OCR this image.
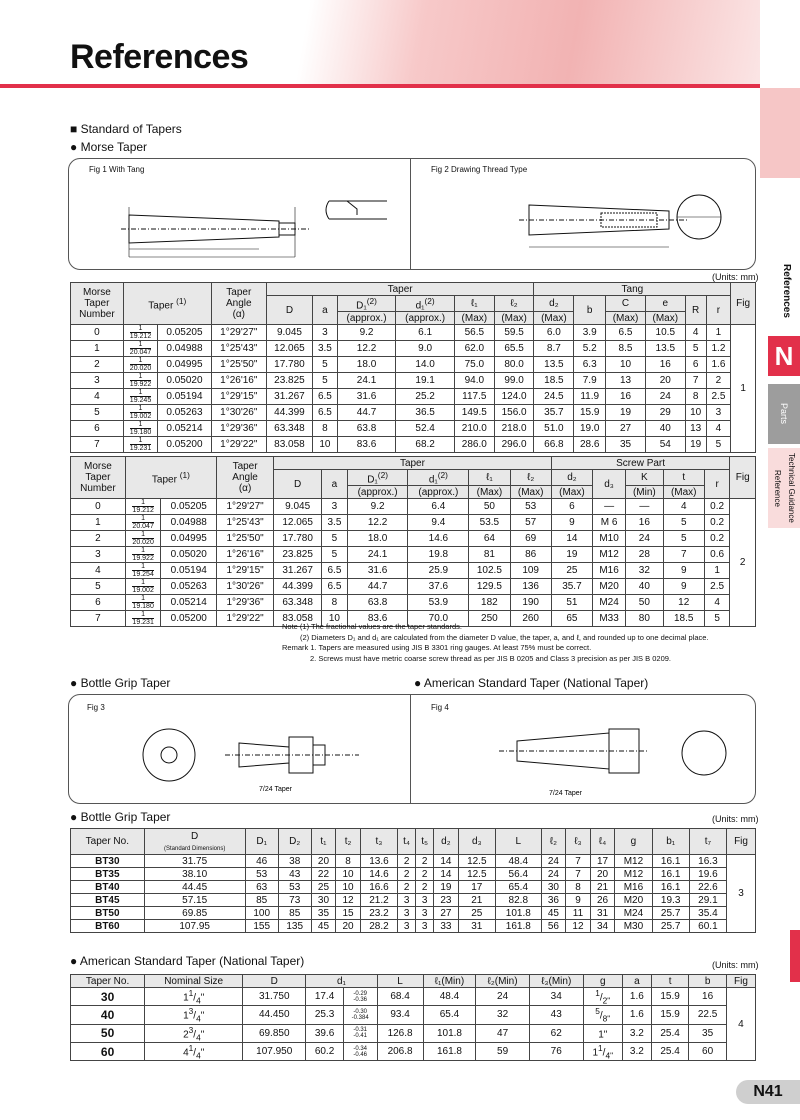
References
References
N
Parts
Technical Guidance Reference
■ Standard of Tapers
● Morse Taper
Fig 1 With Tang	Fig 2 Drawing Thread Type
(Units: mm)
Morse
Taper
Number	Taper $^{(1)}$		Taper
Angle
(α)	Taper						Tang						Fig
				D	a	D₁$^{(2)}$	d₁$^{(2)}$	ℓ₁	ℓ₂	d₂	b	C	e	R	r	
						(approx.)	(approx.)	(Max)	(Max)	(Max)		(Max)	(Max)			
0	$\frac{1}{19.212}$	0.05205	1°29'27"	9.045	3	9.2	6.1	56.5	59.5	6.0	3.9	6.5	10.5	4	1	1
1	$\frac{1}{20.047}$	0.04988	1°25'43"	12.065	3.5	12.2	9.0	62.0	65.5	8.7	5.2	8.5	13.5	5	1.2	
2	$\frac{1}{20.020}$	0.04995	1°25'50"	17.780	5	18.0	14.0	75.0	80.0	13.5	6.3	10	16	6	1.6	
3	$\frac{1}{19.922}$	0.05020	1°26'16"	23.825	5	24.1	19.1	94.0	99.0	18.5	7.9	13	20	7	2	
4	$\frac{1}{19.245}$	0.05194	1°29'15"	31.267	6.5	31.6	25.2	117.5	124.0	24.5	11.9	16	24	8	2.5	
5	$\frac{1}{19.002}$	0.05263	1°30'26"	44.399	6.5	44.7	36.5	149.5	156.0	35.7	15.9	19	29	10	3	
6	$\frac{1}{19.180}$	0.05214	1°29'36"	63.348	8	63.8	52.4	210.0	218.0	51.0	19.0	27	40	13	4	
7	$\frac{1}{19.231}$	0.05200	1°29'22"	83.058	10	83.6	68.2	286.0	296.0	66.8	28.6	35	54	19	5	
Morse
Taper
Number	Taper $^{(1)}$		Taper
Angle
(α)	Taper						Screw Part					Fig
				D	a	D₁$^{(2)}$	d₁$^{(2)}$	ℓ₁	ℓ₂	d₂	d₃	K	t	r	
						(approx.)	(approx.)	(Max)	(Max)	(Max)		(Min)	(Max)		
0	$\frac{1}{19.212}$	0.05205	1°29'27"	9.045	3	9.2	6.4	50	53	6	—	—	4	0.2	2
1	$\frac{1}{20.047}$	0.04988	1°25'43"	12.065	3.5	12.2	9.4	53.5	57	9	M 6	16	5	0.2	
2	$\frac{1}{20.020}$	0.04995	1°25'50"	17.780	5	18.0	14.6	64	69	14	M10	24	5	0.2	
3	$\frac{1}{19.922}$	0.05020	1°26'16"	23.825	5	24.1	19.8	81	86	19	M12	28	7	0.6	
4	$\frac{1}{19.254}$	0.05194	1°29'15"	31.267	6.5	31.6	25.9	102.5	109	25	M16	32	9	1	
5	$\frac{1}{19.002}$	0.05263	1°30'26"	44.399	6.5	44.7	37.6	129.5	136	35.7	M20	40	9	2.5	
6	$\frac{1}{19.180}$	0.05214	1°29'36"	63.348	8	63.8	53.9	182	190	51	M24	50	12	4	
7	$\frac{1}{19.231}$	0.05200	1°29'22"	83.058	10	83.6	70.0	250	260	65	M33	80	18.5	5	
Note (1) The fractional values are the taper standards.
(2) Diameters D₁ and d₁ are calculated from the diameter D value, the taper, a, and ℓ, and rounded up to one decimal place.
Remark 1. Tapers are measured using JIS B 3301 ring gauges. At least 75% must be correct.
2. Screws must have metric coarse screw thread as per JIS B 0205 and Class 3 precision as per JIS B 0209.
● Bottle Grip Taper	● American Standard Taper (National Taper)
Fig 3	Fig 4
7/24 Taper
7/24 Taper
● Bottle Grip Taper	(Units: mm)
Taper No.	D
(Standard Dimensions)	D₁	D₂	t₁	t₂	t₃	t₄	t₅	d₂	d₃	L	ℓ₂	ℓ₃	ℓ₄	g	b₁	t₇	Fig
BT30	31.75	46	38	20	8	13.6	2	2	14	12.5	48.4	24	7	17	M12	16.1	16.3	3
BT35	38.10	53	43	22	10	14.6	2	2	14	12.5	56.4	24	7	20	M12	16.1	19.6	
BT40	44.45	63	53	25	10	16.6	2	2	19	17	65.4	30	8	21	M16	16.1	22.6	
BT45	57.15	85	73	30	12	21.2	3	3	23	21	82.8	36	9	26	M20	19.3	29.1	
BT50	69.85	100	85	35	15	23.2	3	3	27	25	101.8	45	11	31	M24	25.7	35.4	
BT60	107.95	155	135	45	20	28.2	3	3	33	31	161.8	56	12	34	M30	25.7	60.1	
● American Standard Taper (National Taper)	(Units: mm)
Taper No.	Nominal Size	D	d₁		L	ℓ₁(Min)	ℓ₂(Min)	ℓ₃(Min)	g	a	t	b	Fig
30	$1^1/_4$"	31.750	17.4	-0.29
-0.36	68.4	48.4	24	34	$^1/_{2"}$	1.6	15.9	16	4
40	$1^3/_4$"	44.450	25.3	-0.30
-0.384	93.4	65.4	32	43	$^5/_{8"}$	1.6	15.9	22.5	
50	$2^3/_4$"	69.850	39.6	-0.31
-0.41	126.8	101.8	47	62	1"	3.2	25.4	35	
60	$4^1/_4$"	107.950	60.2	-0.34
-0.46	206.8	161.8	59	76	$1^1/_{4"}$	3.2	25.4	60	
N41
